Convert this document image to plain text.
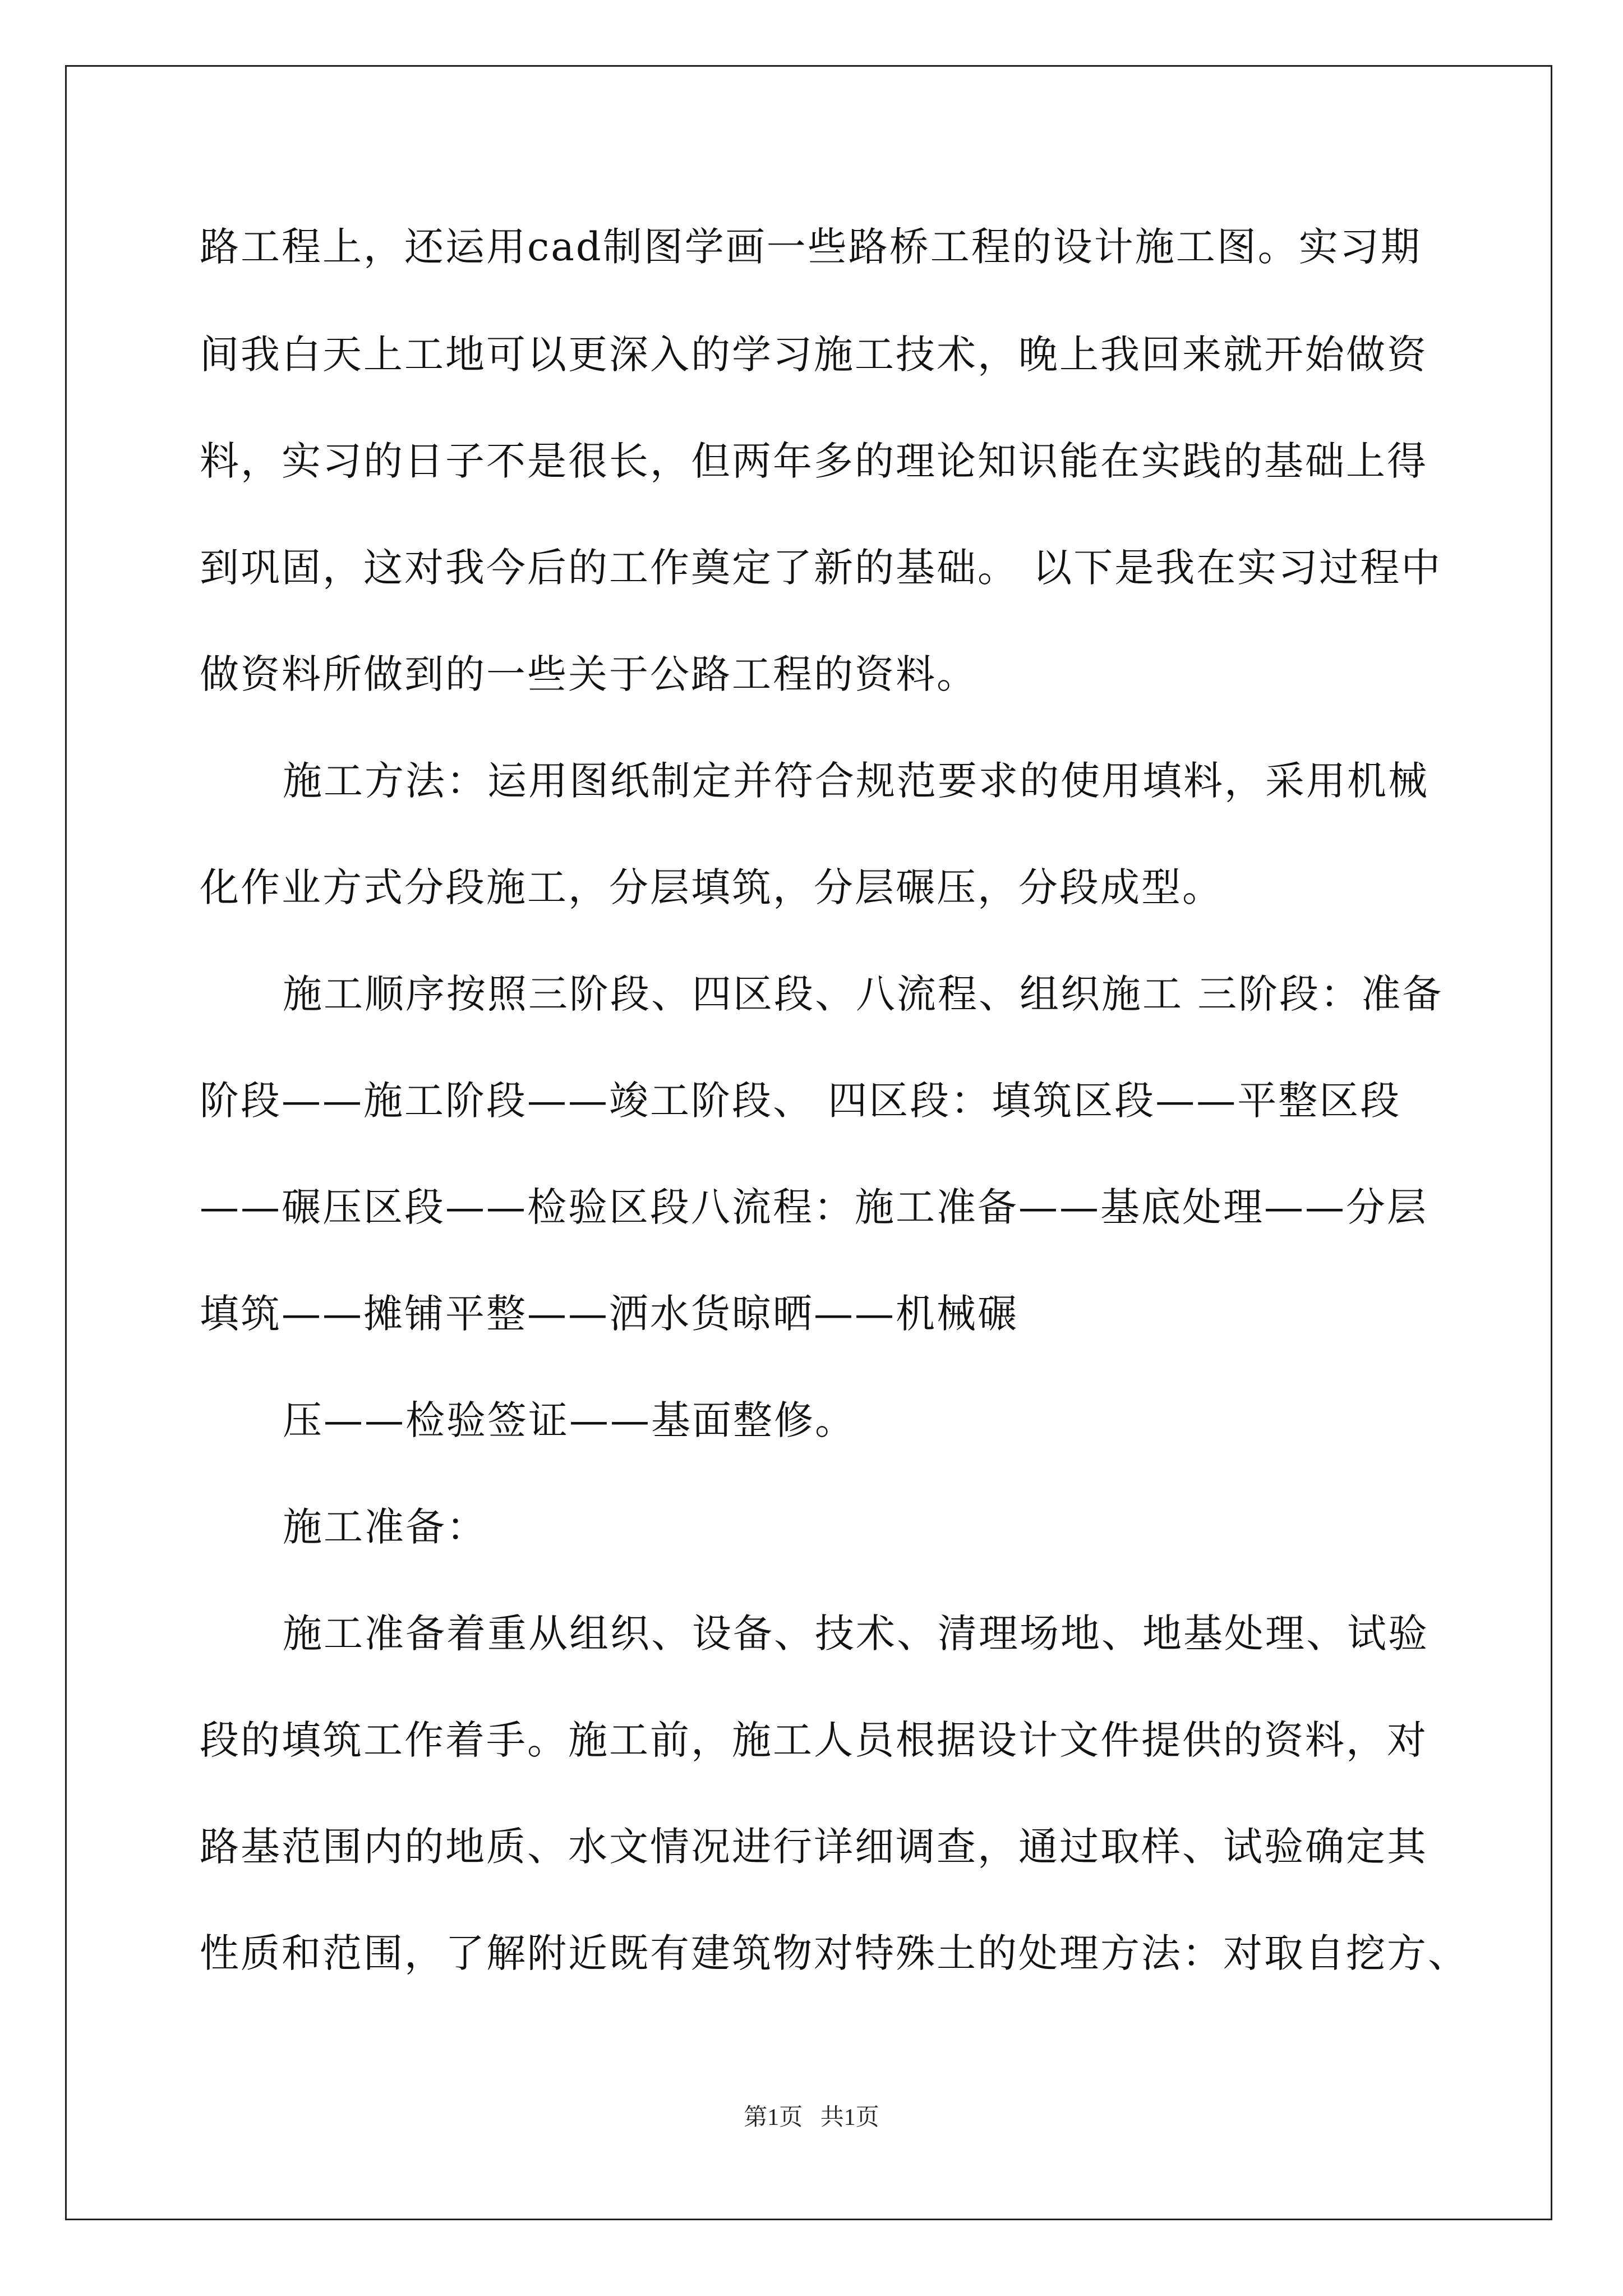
路工程上，还运用cad制图学画一些路桥工程的设计施工图。实习期
间我白天上工地可以更深入的学习施工技术，晚上我回来就开始做资
料，实习的日子不是很长，但两年多的理论知识能在实践的基础上得
到巩固，这对我今后的工作奠定了新的基础。 以下是我在实习过程中
做资料所做到的一些关于公路工程的资料。
施工方法：运用图纸制定并符合规范要求的使用填料，采用机械
化作业方式分段施工，分层填筑，分层碾压，分段成型。
施工顺序按照三阶段、四区段、八流程、组织施工 三阶段：准备
阶段——施工阶段——竣工阶段、 四区段：填筑区段——平整区段
——碾压区段——检验区段八流程：施工准备——基底处理——分层
填筑——摊铺平整——洒水货晾晒——机械碾
压——检验签证——基面整修。
施工准备：
施工准备着重从组织、设备、技术、清理场地、地基处理、试验
段的填筑工作着手。施工前，施工人员根据设计文件提供的资料，对
路基范围内的地质、水文情况进行详细调查，通过取样、试验确定其
性质和范围，了解附近既有建筑物对特殊土的处理方法：对取自挖方、
第1页   共1页
